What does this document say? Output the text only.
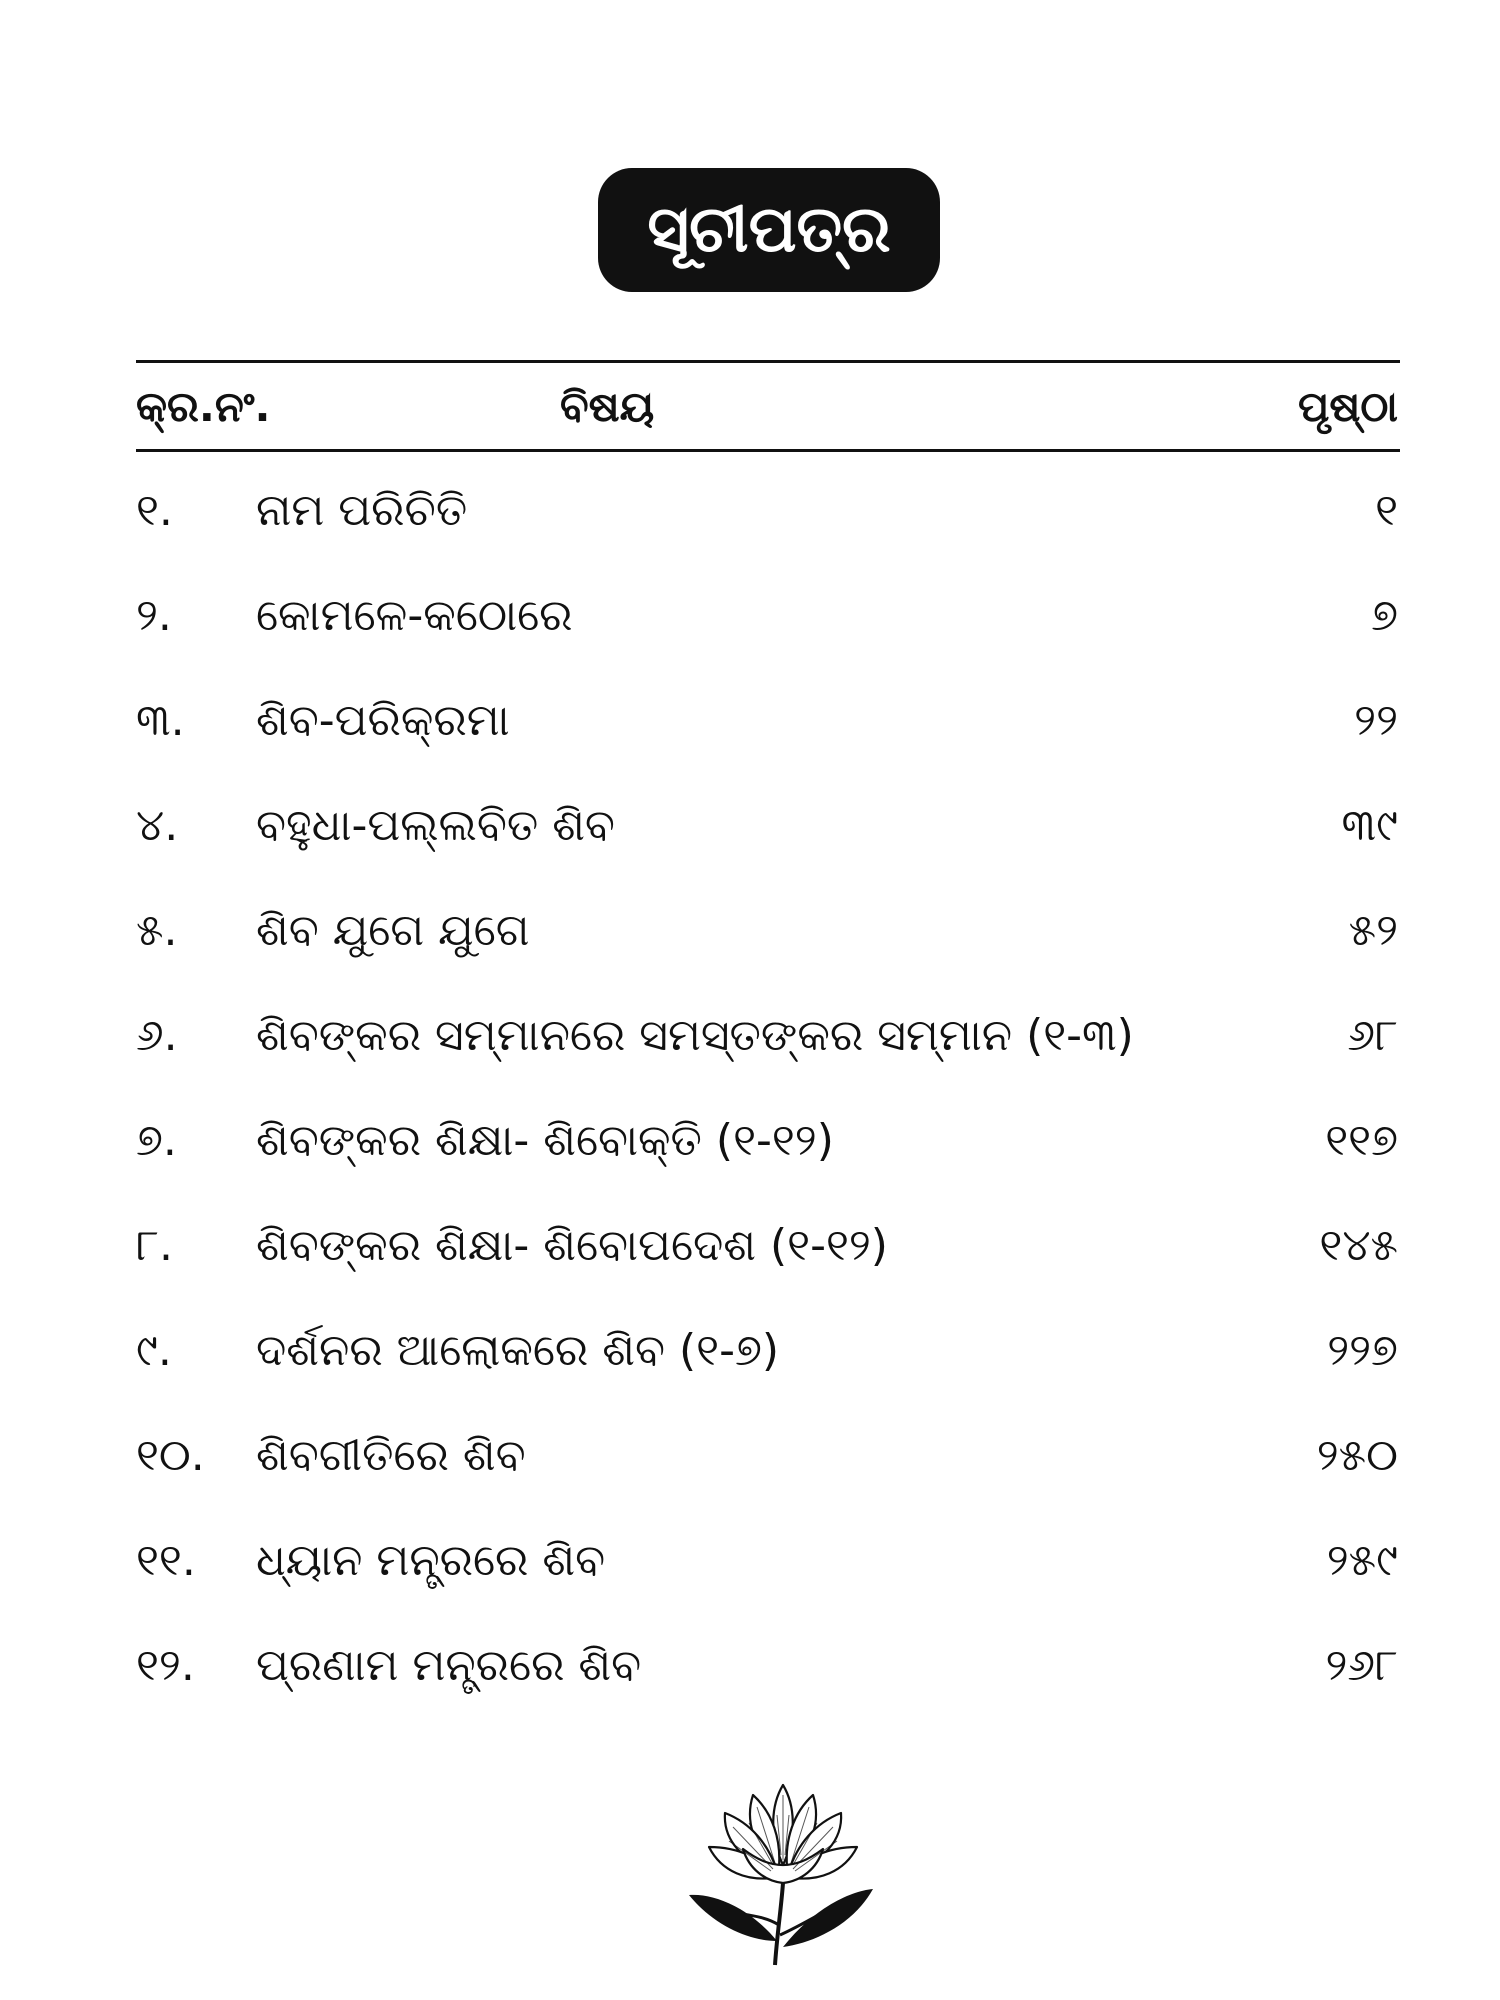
ସୂଚୀପତ୍ର
କ୍ର.ନଂ.	ବିଷୟ	ପୃଷ୍ଠା
୧. ନାମ ପରିଚିତି	୧
୨. କୋମଳେ-କଠୋରେ	୭
୩. ଶିବ-ପରିକ୍ରମା	୨୨
୪. ବହୁଧା-ପଲ୍ଲବିତ ଶିବ	୩୯
୫. ଶିବ ଯୁଗେ ଯୁଗେ	୫୨
୬. ଶିବଙ୍କର ସମ୍ମାନରେ ସମସ୍ତଙ୍କର ସମ୍ମାନ (୧-୩)	୬୮
୭. ଶିବଙ୍କର ଶିକ୍ଷା- ଶିବୋକ୍ତି (୧-୧୨)	୧୧୭
୮. ଶିବଙ୍କର ଶିକ୍ଷା- ଶିବୋପଦେଶ (୧-୧୨)	୧୪୫
୯. ଦର୍ଶନର ଆଲୋକରେ ଶିବ (୧-୭)	୨୨୭
୧୦. ଶିବଗୀତିରେ ଶିବ	୨୫୦
୧୧. ଧ୍ୟାନ ମନ୍ତ୍ରରେ ଶିବ	୨୫୯
୧୨. ପ୍ରଣାମ ମନ୍ତ୍ରରେ ଶିବ	୨୬୮
